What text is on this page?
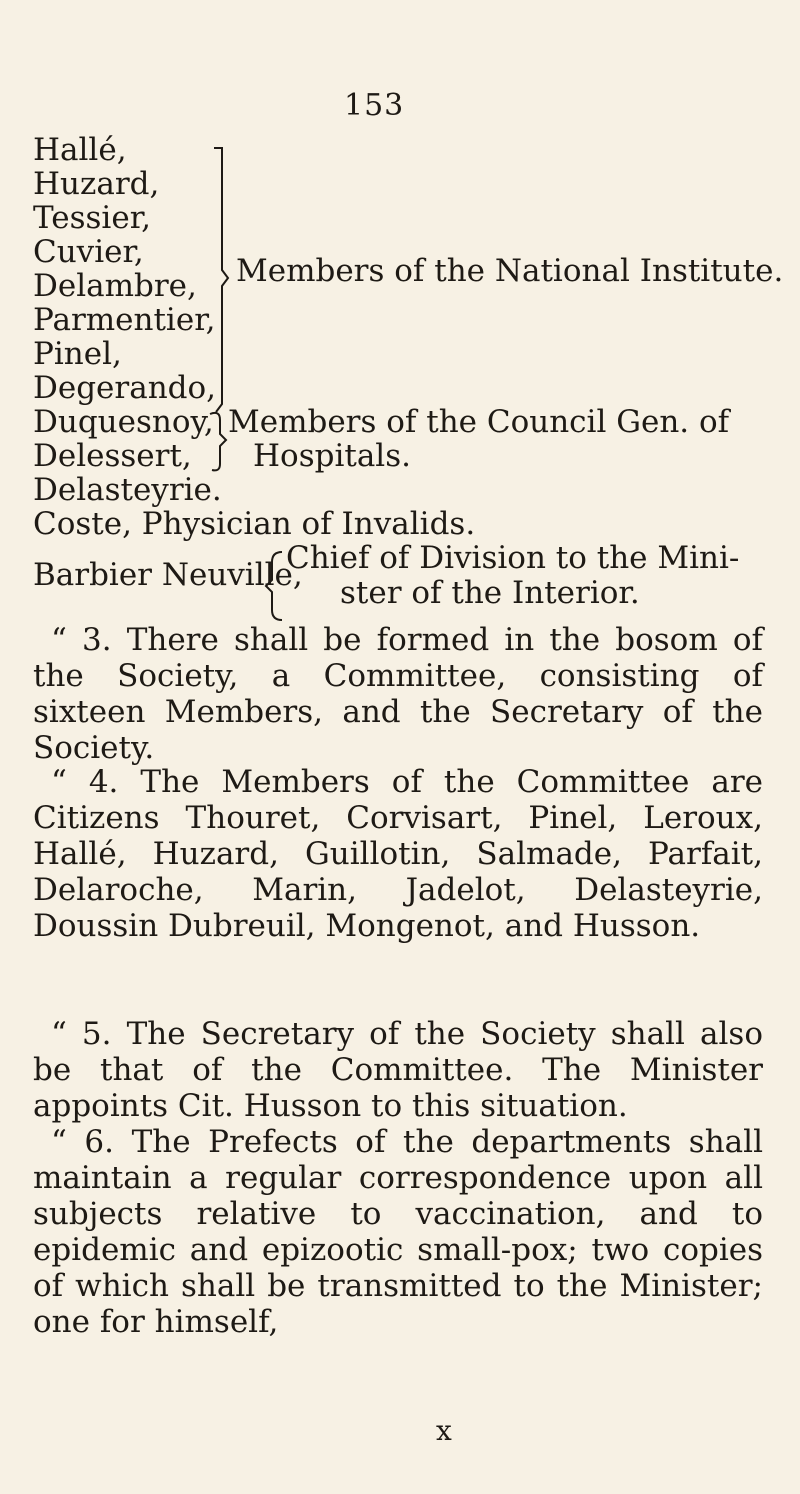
153
Hallé,
Huzard,
Tessier,
Cuvier,
Delambre,
Parmentier,
Pinel,
Degerando,
Members of the National Institute.
Duquesnoy,
Delessert,
Members of the Council Gen. of
Hospitals.
Delasteyrie.
Coste, Physician of Invalids.
Barbier Neuville,
Chief of Division to the Mini-
ster of the Interior.
“ 3. There shall be formed in the bosom of the Society, a Committee, consisting of sixteen Members, and the Secretary of the Society.
“ 4. The Members of the Committee are Citizens Thouret, Corvisart, Pinel, Leroux, Hallé, Huzard, Guillotin, Salmade, Parfait, Delaroche, Marin, Jadelot, Delasteyrie, Doussin Dubreuil, Mongenot, and Husson.
“ 5. The Secretary of the Society shall also be that of the Committee. The Minister appoints Cit. Husson to this situation.
“ 6. The Prefects of the departments shall maintain a regular correspondence upon all subjects relative to vaccination, and to epidemic and epizootic small-pox; two copies of which shall be transmitted to the Minister; one for himself,
x
